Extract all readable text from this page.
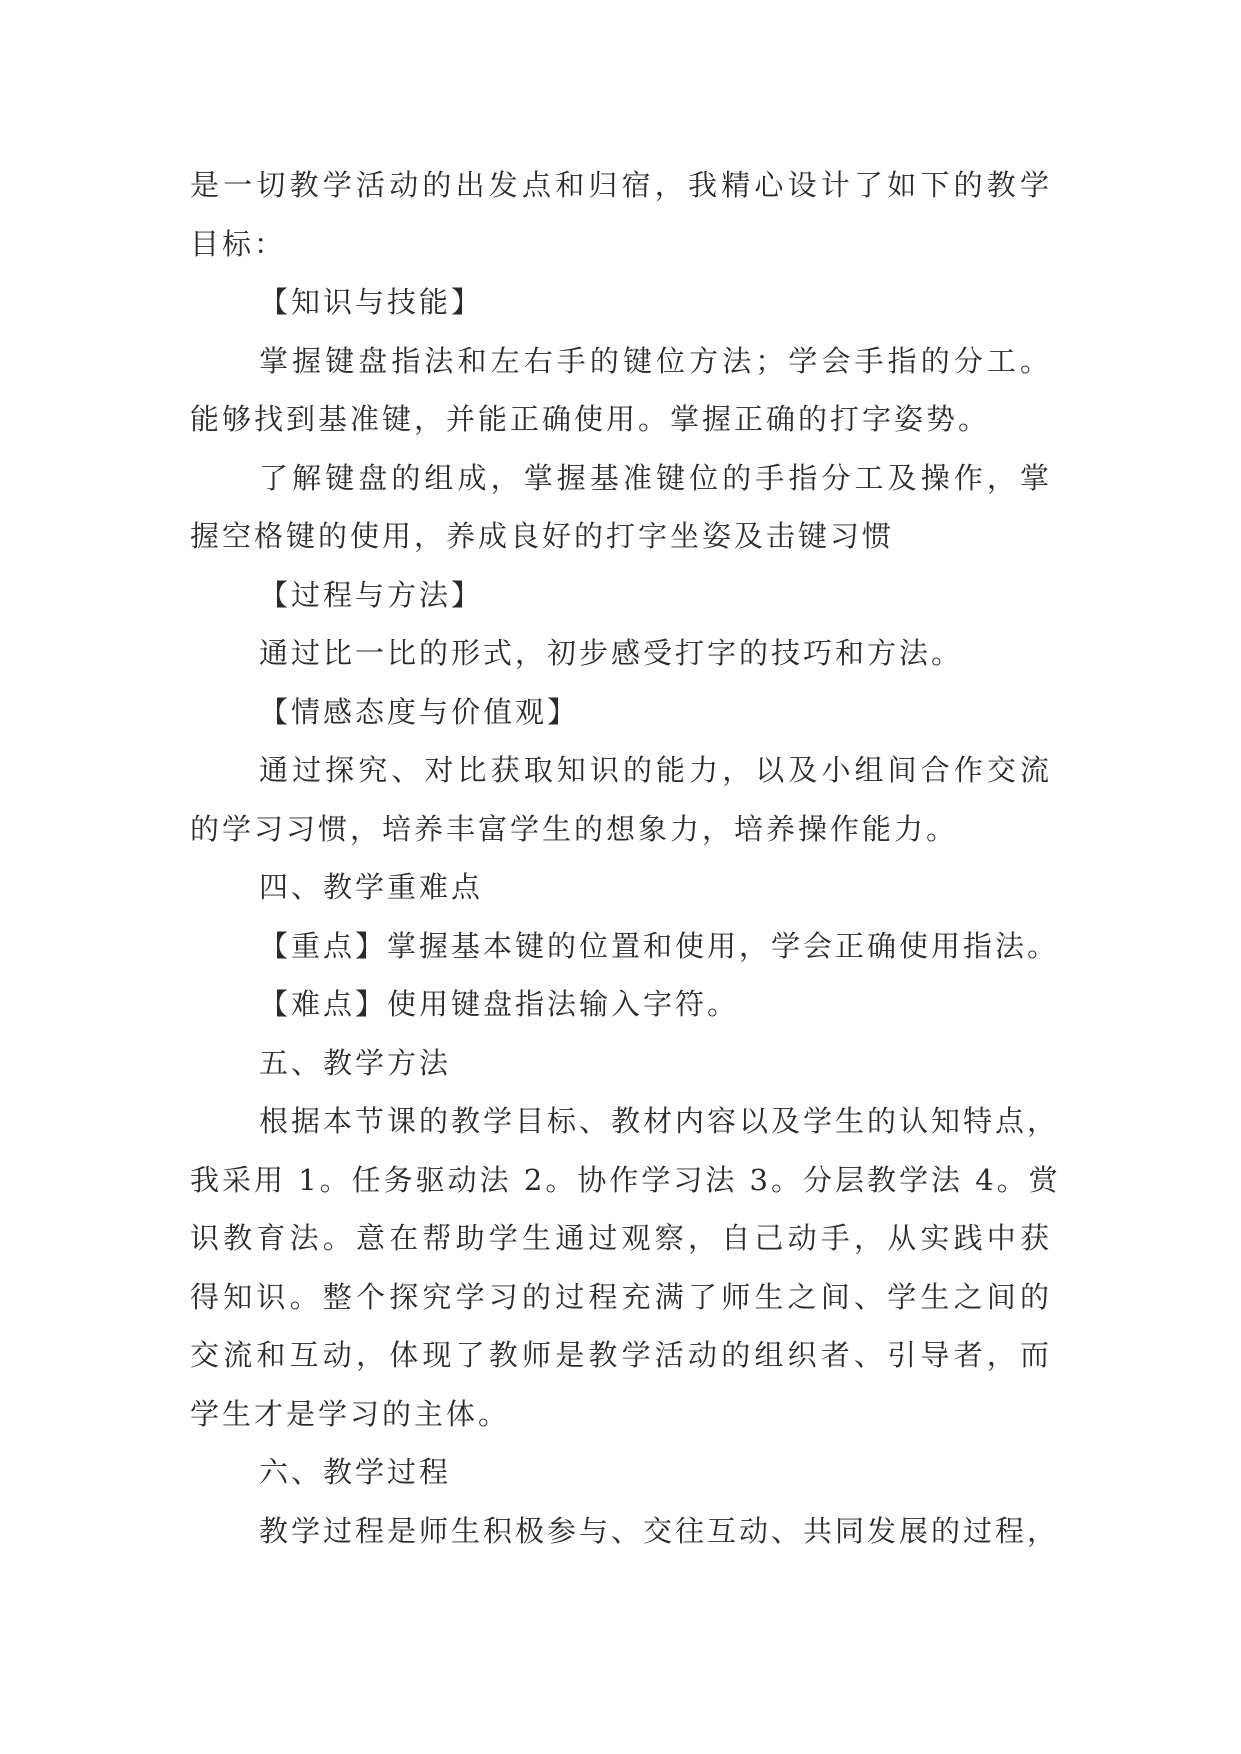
是一切教学活动的出发点和归宿，我精心设计了如下的教学
目标：
【知识与技能】
掌握键盘指法和左右手的键位方法；学会手指的分工。
能够找到基准键，并能正确使用。掌握正确的打字姿势。
了解键盘的组成，掌握基准键位的手指分工及操作，掌
握空格键的使用，养成良好的打字坐姿及击键习惯
【过程与方法】
通过比一比的形式，初步感受打字的技巧和方法。
【情感态度与价值观】
通过探究、对比获取知识的能力，以及小组间合作交流
的学习习惯，培养丰富学生的想象力，培养操作能力。
四、教学重难点
【重点】掌握基本键的位置和使用，学会正确使用指法。
【难点】使用键盘指法输入字符。
五、教学方法
根据本节课的教学目标、教材内容以及学生的认知特点，
我采用 1。任务驱动法 2。协作学习法 3。分层教学法 4。赏
识教育法。意在帮助学生通过观察，自己动手，从实践中获
得知识。整个探究学习的过程充满了师生之间、学生之间的
交流和互动，体现了教师是教学活动的组织者、引导者，而
学生才是学习的主体。
六、教学过程
教学过程是师生积极参与、交往互动、共同发展的过程，
